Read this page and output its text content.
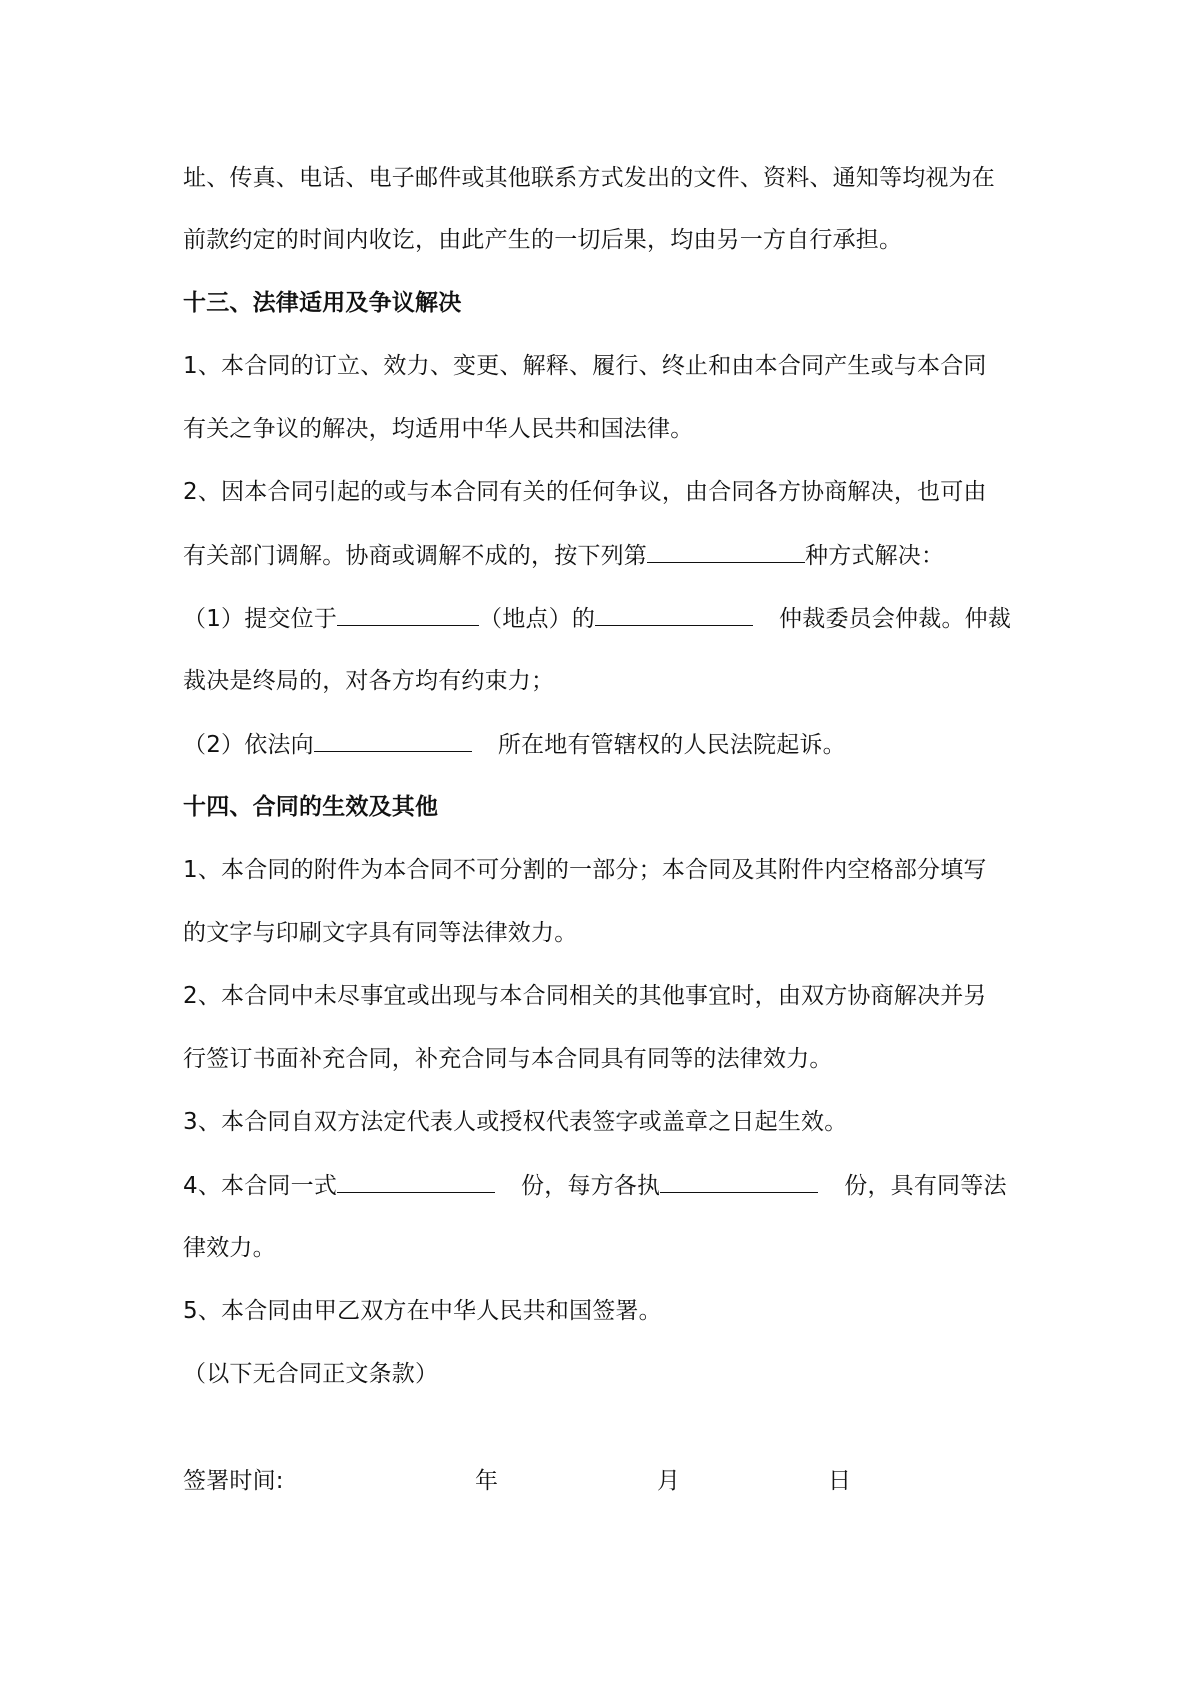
址、传真、电话、电子邮件或其他联系方式发出的文件、资料、通知等均视为在
前款约定的时间内收讫，由此产生的一切后果，均由另一方自行承担。
十三、法律适用及争议解决
1、本合同的订立、效力、变更、解释、履行、终止和由本合同产生或与本合同
有关之争议的解决，均适用中华人民共和国法律。
2、因本合同引起的或与本合同有关的任何争议，由合同各方协商解决，也可由
有关部门调解。协商或调解不成的，按下列第	种方式解决：
（1）提交位于	（地点）的	仲裁委员会仲裁。仲裁
裁决是终局的，对各方均有约束力；
（2）依法向	所在地有管辖权的人民法院起诉。
十四、合同的生效及其他
1、本合同的附件为本合同不可分割的一部分；本合同及其附件内空格部分填写
的文字与印刷文字具有同等法律效力。
2、本合同中未尽事宜或出现与本合同相关的其他事宜时，由双方协商解决并另
行签订书面补充合同，补充合同与本合同具有同等的法律效力。
3、本合同自双方法定代表人或授权代表签字或盖章之日起生效。
4、本合同一式	份，每方各执	份，具有同等法
律效力。
5、本合同由甲乙双方在中华人民共和国签署。
（以下无合同正文条款）
签署时间:	年	月	日
